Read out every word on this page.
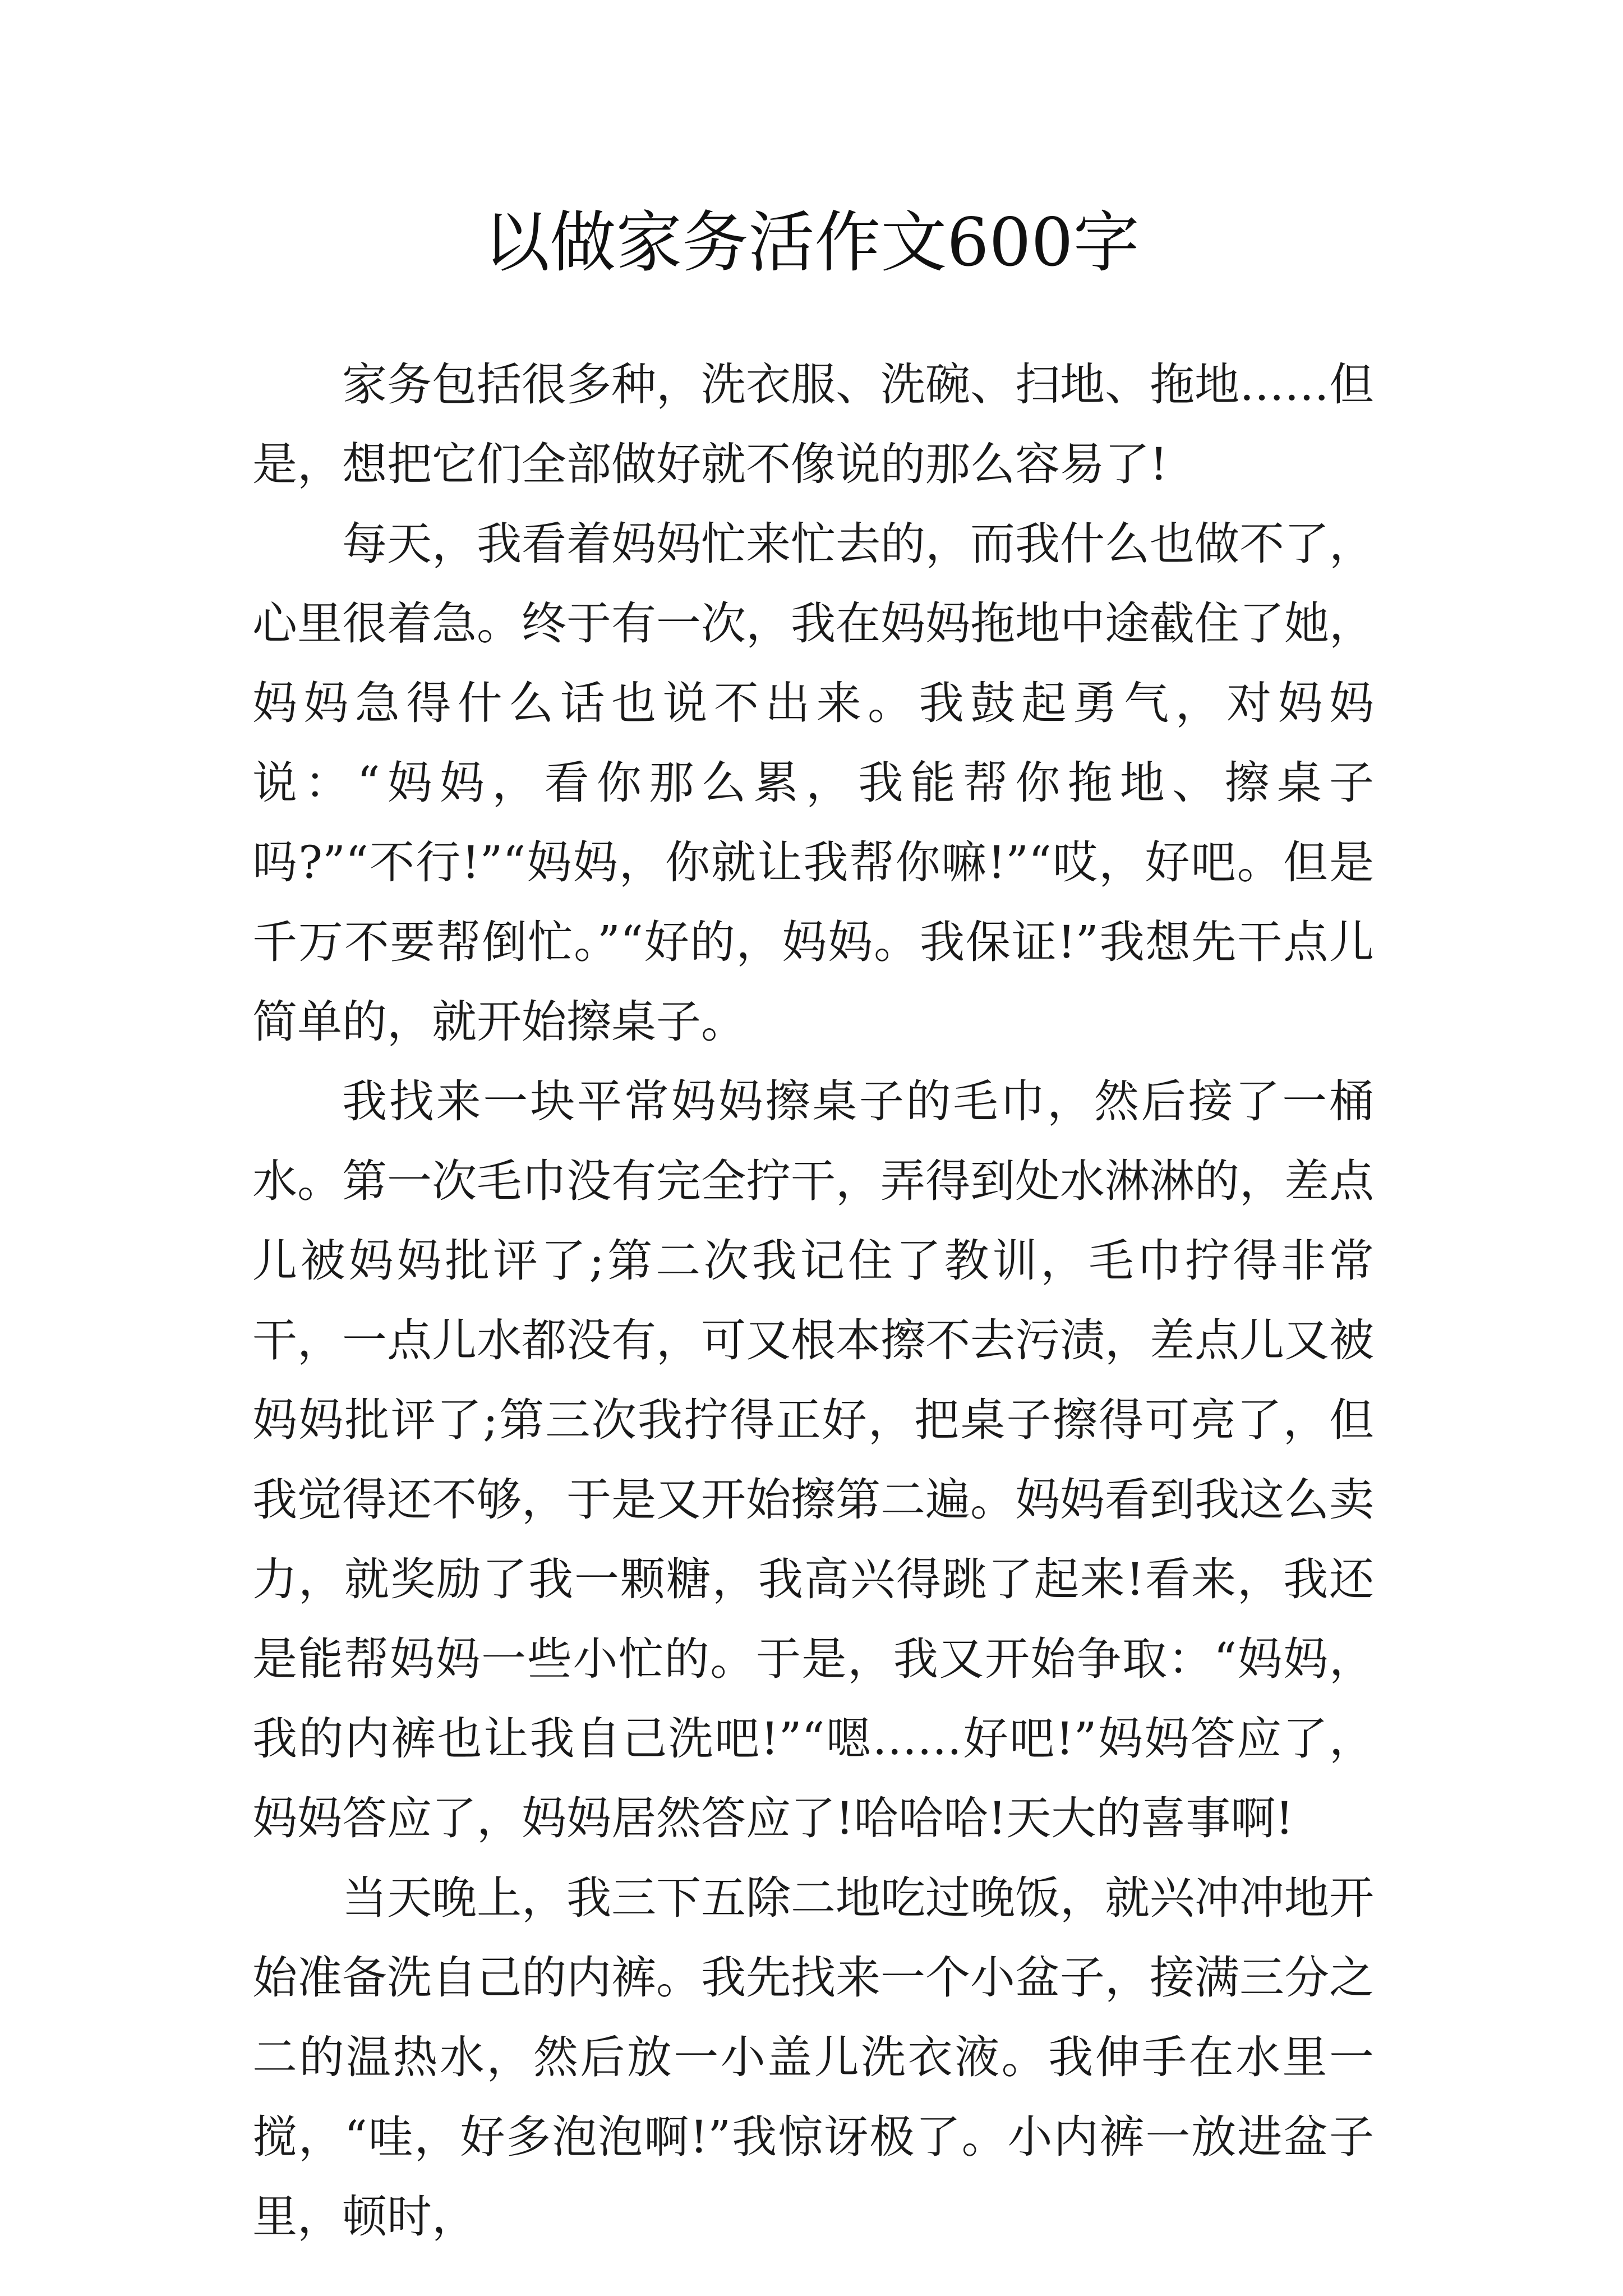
以做家务活作文600字

家务包括很多种，洗衣服、洗碗、扫地、拖地……但是，想把它们全部做好就不像说的那么容易了!

每天，我看着妈妈忙来忙去的，而我什么也做不了，心里很着急。终于有一次，我在妈妈拖地中途截住了她，妈妈急得什么话也说不出来。我鼓起勇气，对妈妈说：“妈妈，看你那么累，我能帮你拖地、擦桌子吗?”“不行!”“妈妈，你就让我帮你嘛!”“哎，好吧。但是千万不要帮倒忙。”“好的，妈妈。我保证!”我想先干点儿简单的，就开始擦桌子。

我找来一块平常妈妈擦桌子的毛巾，然后接了一桶水。第一次毛巾没有完全拧干，弄得到处水淋淋的，差点儿被妈妈批评了;第二次我记住了教训，毛巾拧得非常干，一点儿水都没有，可又根本擦不去污渍，差点儿又被妈妈批评了;第三次我拧得正好，把桌子擦得可亮了，但我觉得还不够，于是又开始擦第二遍。妈妈看到我这么卖力，就奖励了我一颗糖，我高兴得跳了起来!看来，我还是能帮妈妈一些小忙的。于是，我又开始争取：“妈妈，我的内裤也让我自己洗吧!”“嗯……好吧!”妈妈答应了，妈妈答应了，妈妈居然答应了!哈哈哈!天大的喜事啊!

当天晚上，我三下五除二地吃过晚饭，就兴冲冲地开始准备洗自己的内裤。我先找来一个小盆子，接满三分之二的温热水，然后放一小盖儿洗衣液。我伸手在水里一搅，“哇，好多泡泡啊!”我惊讶极了。小内裤一放进盆子里，顿时，
